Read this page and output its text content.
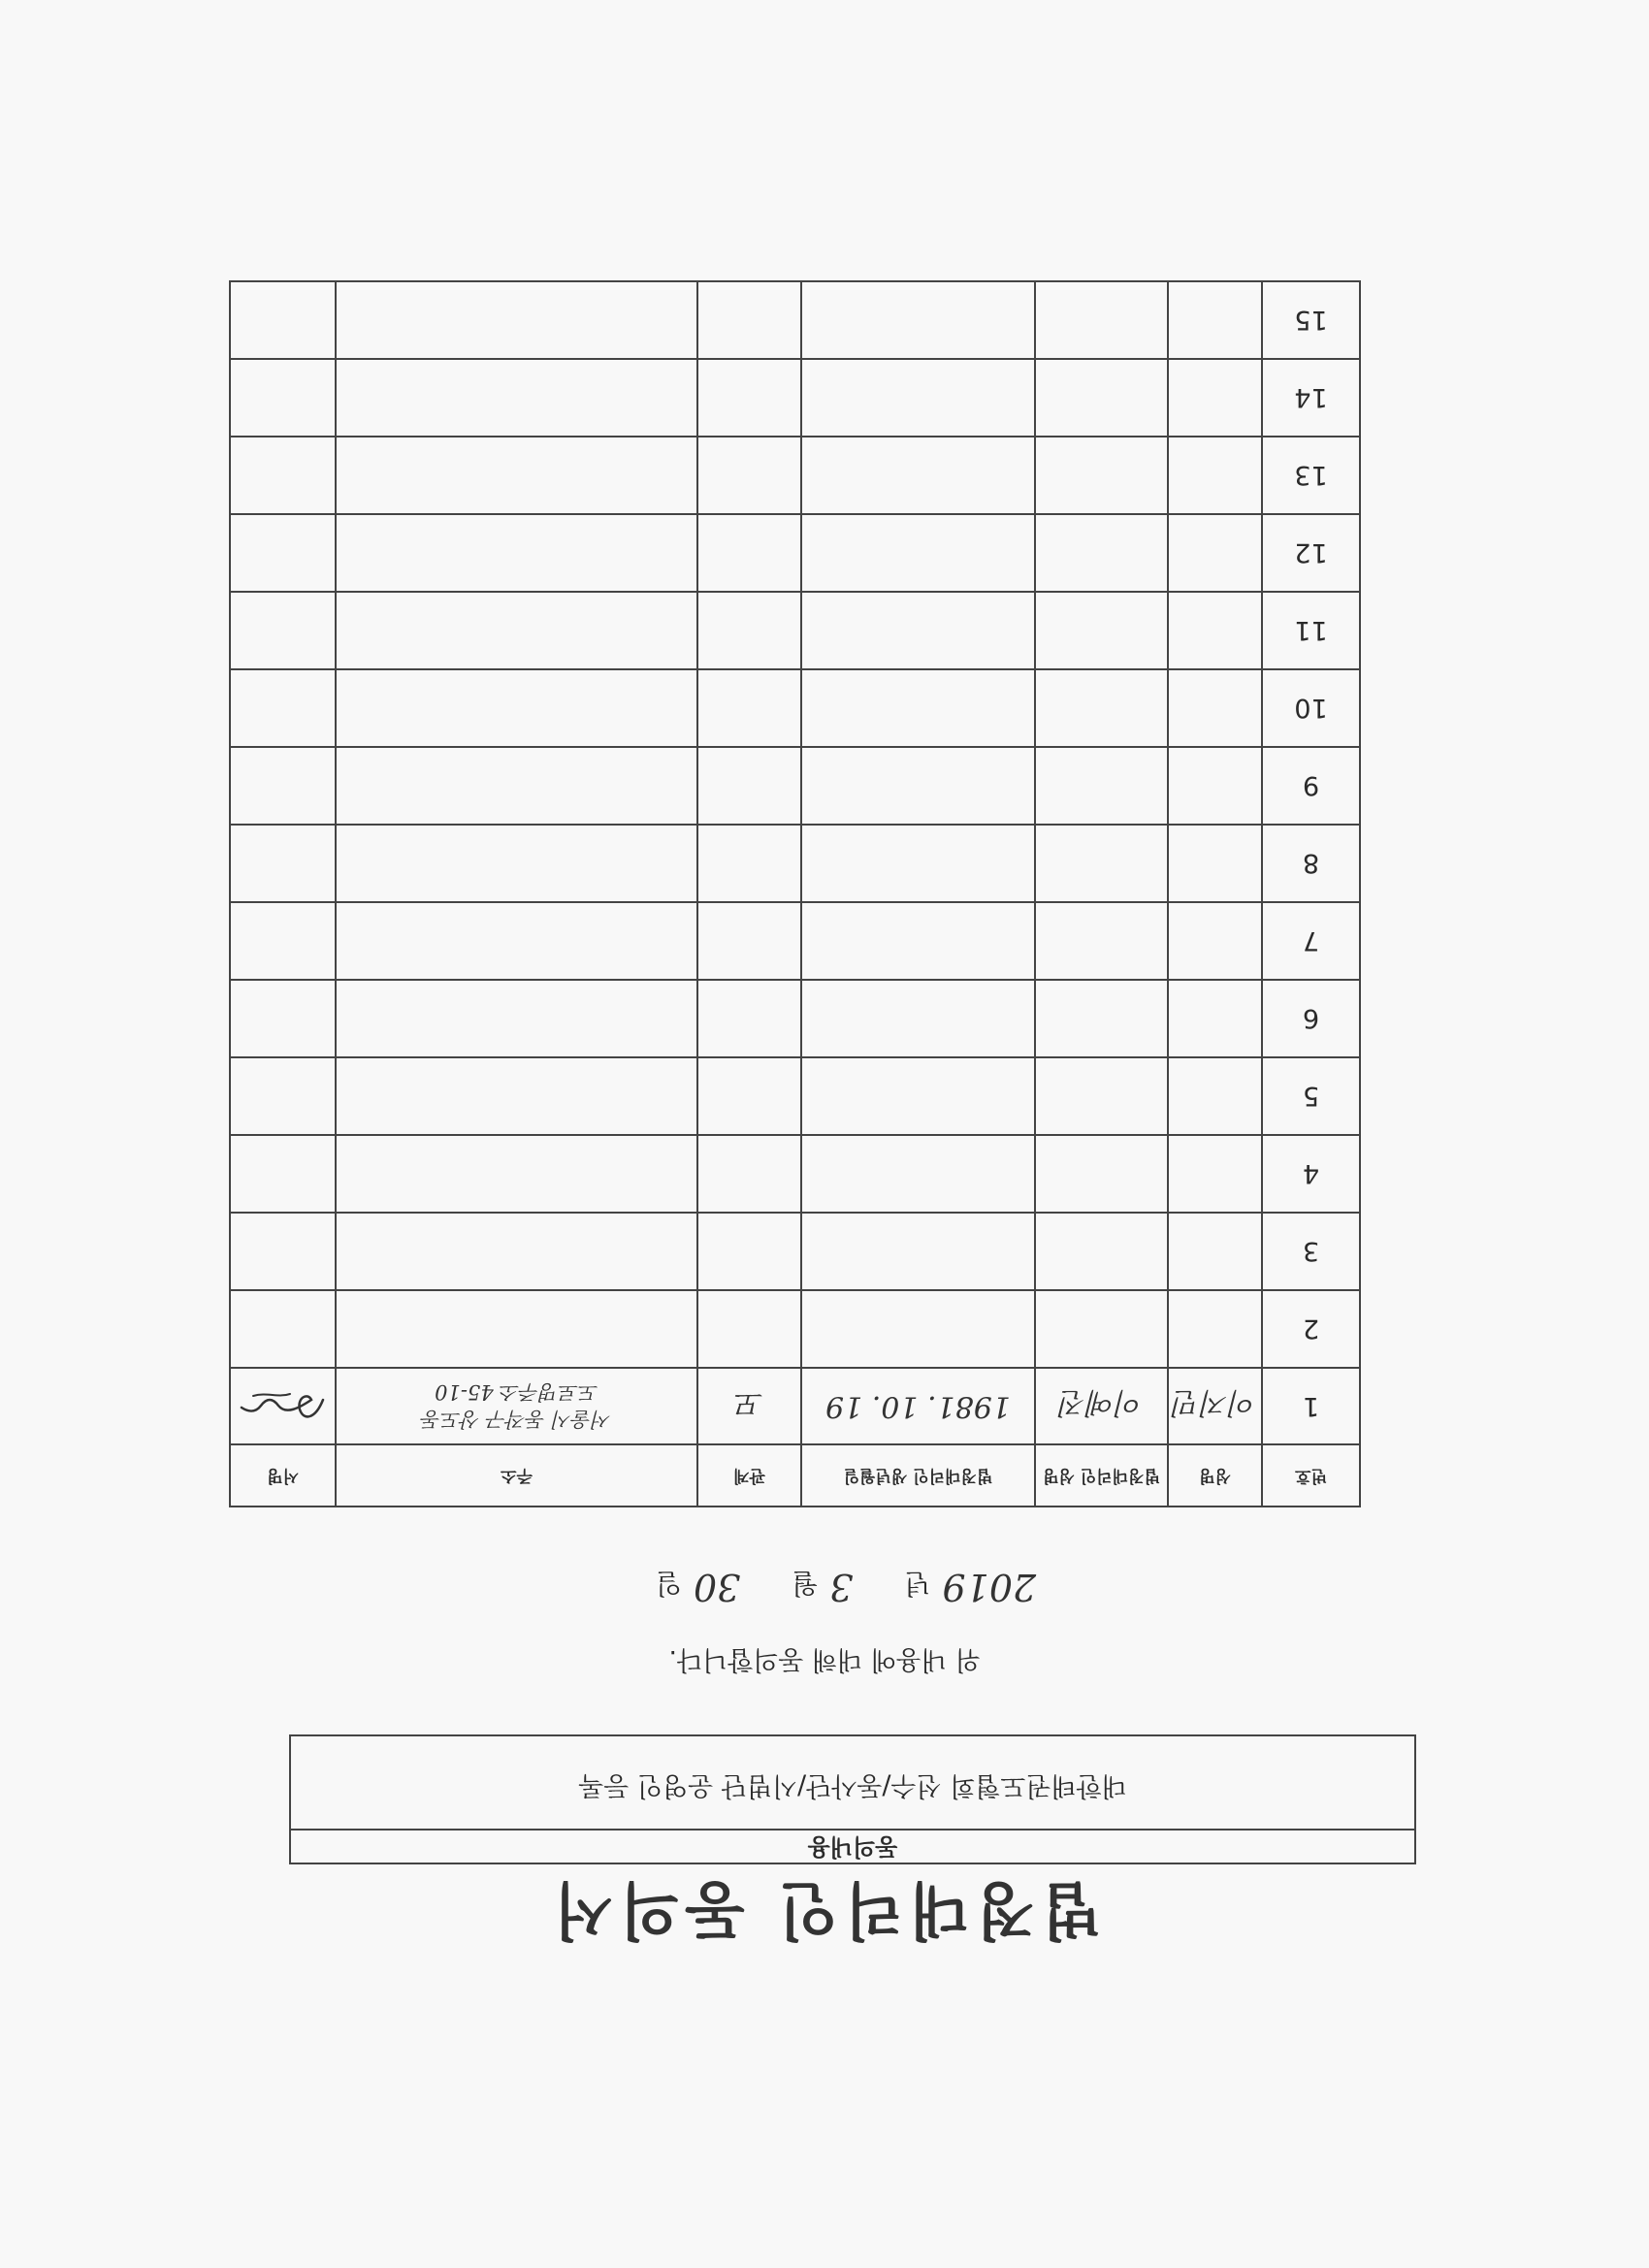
법정대리인 동의서
동의내용
대한태권도협회 선수/동사단/시범단 운영인 등록

위 내용에 대해 동의합니다.

2019년 3월 30일
번호	성명	법정대리인 성명	법정대리인 생년월일	관계	주소	서명
1	이지민	이예진	1981. 10. 19	모	서울시 동작구 상도동
도로명주소 45-10

2						
3						
4						
5						
6						
7						
8						
9						
10						
11						
12						
13						
14						
15						
